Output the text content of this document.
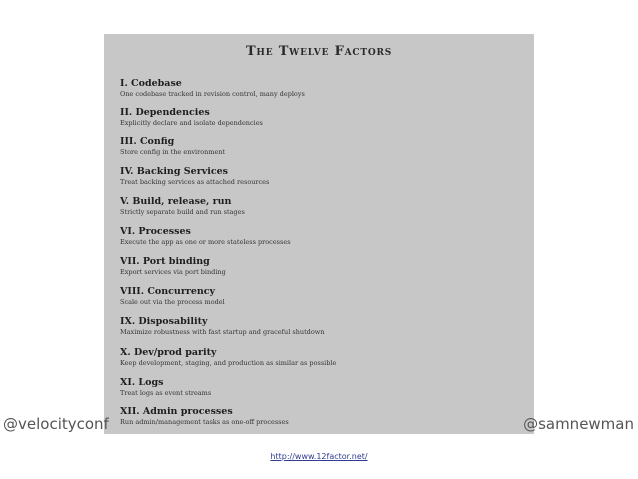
The Twelve Factors
I. Codebase
One codebase tracked in revision control, many deploys
II. Dependencies
Explicitly declare and isolate dependencies
III. Config
Store config in the environment
IV. Backing Services
Treat backing services as attached resources
V. Build, release, run
Strictly separate build and run stages
VI. Processes
Execute the app as one or more stateless processes
VII. Port binding
Export services via port binding
VIII. Concurrency
Scale out via the process model
IX. Disposability
Maximize robustness with fast startup and graceful shutdown
X. Dev/prod parity
Keep development, staging, and production as similar as possible
XI. Logs
Treat logs as event streams
XII. Admin processes
Run admin/management tasks as one-off processes
@velocityconf	@samnewman
http://www.12factor.net/
